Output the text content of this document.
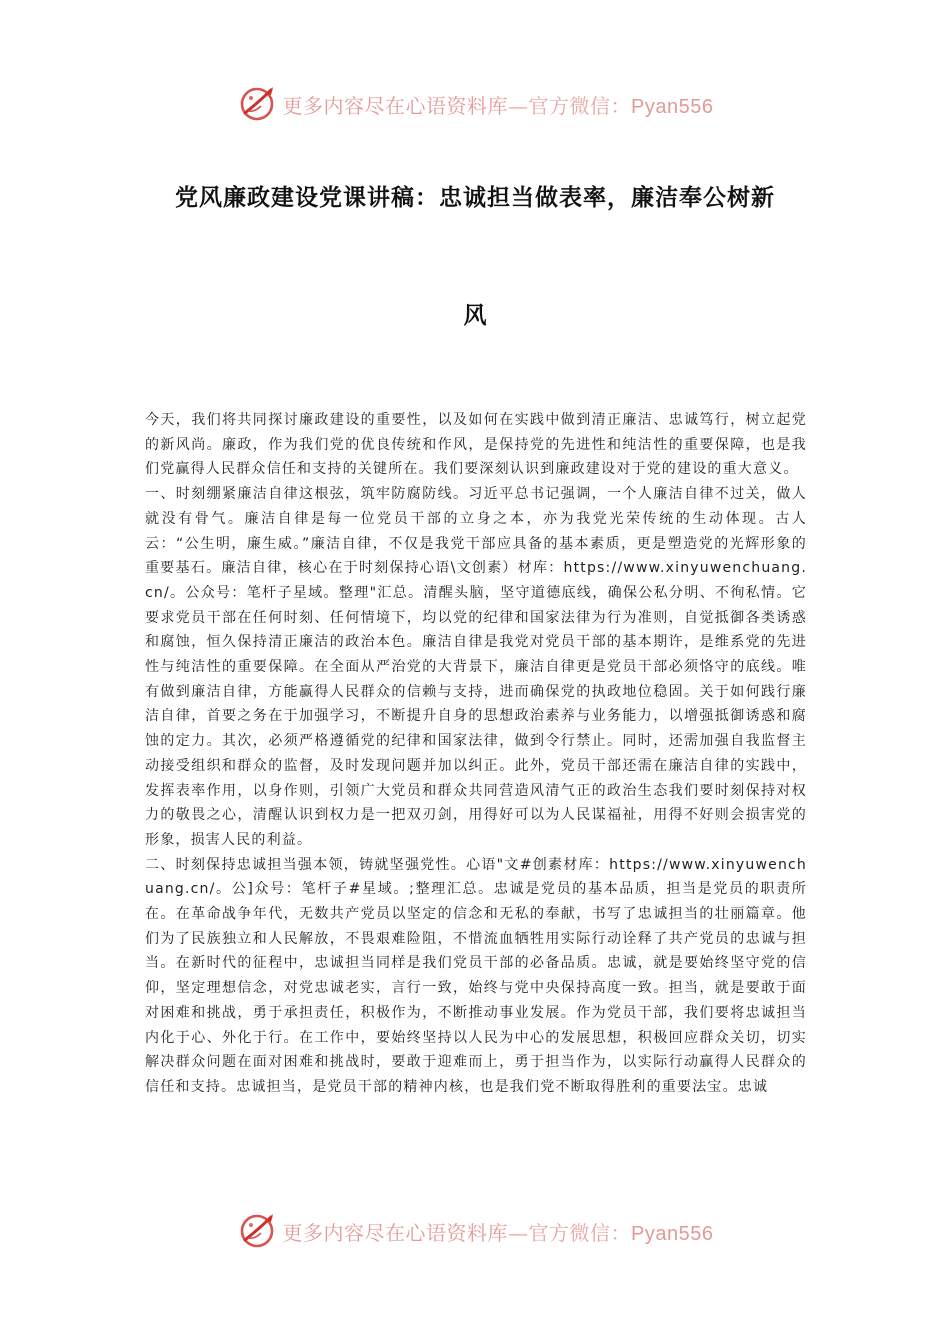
更多内容尽在心语资料库—官方微信：Pyan556
党风廉政建设党课讲稿：忠诚担当做表率，廉洁奉公树新
风

今天，我们将共同探讨廉政建设的重要性，以及如何在实践中做到清正廉洁、忠诚笃行，树立起党的新风尚。廉政，作为我们党的优良传统和作风，是保持党的先进性和纯洁性的重要保障，也是我们党赢得人民群众信任和支持的关键所在。我们要深刻认识到廉政建设对于党的建设的重大意义。

一、时刻绷紧廉洁自律这根弦，筑牢防腐防线。习近平总书记强调，一个人廉洁自律不过关，做人就没有骨气。廉洁自律是每一位党员干部的立身之本，亦为我党光荣传统的生动体现。古人云：“公生明，廉生威。”廉洁自律，不仅是我党干部应具备的基本素质，更是塑造党的光辉形象的重要基石。廉洁自律，核心在于时刻保持心语\文创素）材库：https://www.xinyuwenchuang.cn/。公众号：笔杆子星域。整理"汇总。清醒头脑，坚守道德底线，确保公私分明、不徇私情。它要求党员干部在任何时刻、任何情境下，均以党的纪律和国家法律为行为准则，自觉抵御各类诱惑和腐蚀，恒久保持清正廉洁的政治本色。廉洁自律是我党对党员干部的基本期许，是维系党的先进性与纯洁性的重要保障。在全面从严治党的大背景下，廉洁自律更是党员干部必须恪守的底线。唯有做到廉洁自律，方能赢得人民群众的信赖与支持，进而确保党的执政地位稳固。关于如何践行廉洁自律，首要之务在于加强学习，不断提升自身的思想政治素养与业务能力，以增强抵御诱惑和腐蚀的定力。其次，必须严格遵循党的纪律和国家法律，做到令行禁止。同时，还需加强自我监督主动接受组织和群众的监督，及时发现问题并加以纠正。此外，党员干部还需在廉洁自律的实践中，发挥表率作用，以身作则，引领广大党员和群众共同营造风清气正的政治生态我们要时刻保持对权力的敬畏之心，清醒认识到权力是一把双刃剑，用得好可以为人民谋福祉，用得不好则会损害党的形象，损害人民的利益。

二、时刻保持忠诚担当强本领，铸就坚强党性。心语"文#创素材库：https://www.xinyuwenchuang.cn/。公]众号：笔杆子#星域。;整理汇总。忠诚是党员的基本品质，担当是党员的职责所在。在革命战争年代，无数共产党员以坚定的信念和无私的奉献，书写了忠诚担当的壮丽篇章。他们为了民族独立和人民解放，不畏艰难险阻，不惜流血牺牲用实际行动诠释了共产党员的忠诚与担当。在新时代的征程中，忠诚担当同样是我们党员干部的必备品质。忠诚，就是要始终坚守党的信仰，坚定理想信念，对党忠诚老实，言行一致，始终与党中央保持高度一致。担当，就是要敢于面对困难和挑战，勇于承担责任，积极作为，不断推动事业发展。作为党员干部，我们要将忠诚担当内化于心、外化于行。在工作中，要始终坚持以人民为中心的发展思想，积极回应群众关切，切实解决群众问题在面对困难和挑战时，要敢于迎难而上，勇于担当作为，以实际行动赢得人民群众的信任和支持。忠诚担当，是党员干部的精神内核，也是我们党不断取得胜利的重要法宝。忠诚

更多内容尽在心语资料库—官方微信：Pyan556
